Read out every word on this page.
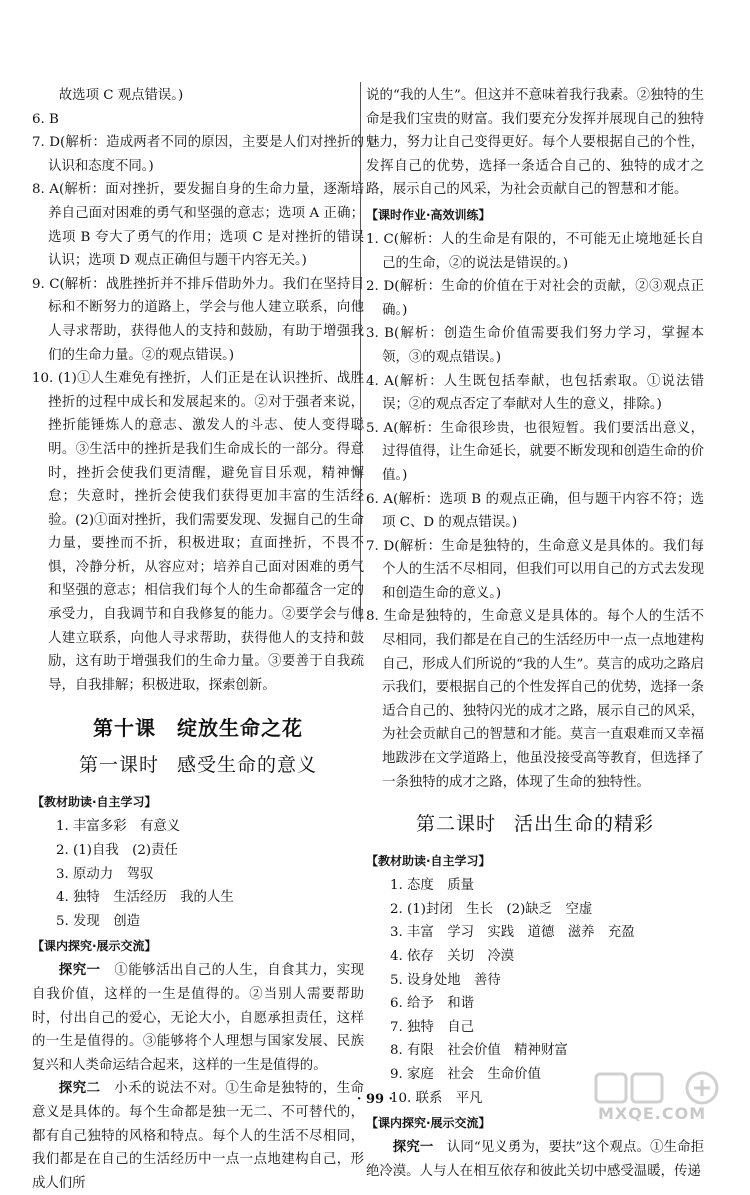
故选项 C 观点错误。)

6. B

7. D(解析：造成两者不同的原因，主要是人们对挫折的认识和态度不同。)

8. A(解析：面对挫折，要发掘自身的生命力量，逐渐培养自己面对困难的勇气和坚强的意志；选项 A 正确；选项 B 夸大了勇气的作用；选项 C 是对挫折的错误认识；选项 D 观点正确但与题干内容无关。)

9. C(解析：战胜挫折并不排斥借助外力。我们在坚持目标和不断努力的道路上，学会与他人建立联系，向他人寻求帮助，获得他人的支持和鼓励，有助于增强我们的生命力量。②的观点错误。)

10. (1)①人生难免有挫折，人们正是在认识挫折、战胜挫折的过程中成长和发展起来的。②对于强者来说，挫折能锤炼人的意志、激发人的斗志、使人变得聪明。③生活中的挫折是我们生命成长的一部分。得意时，挫折会使我们更清醒，避免盲目乐观，精神懈怠；失意时，挫折会使我们获得更加丰富的生活经验。(2)①面对挫折，我们需要发现、发掘自己的生命力量，要挫而不折，积极进取；直面挫折，不畏不惧，冷静分析，从容应对；培养自己面对困难的勇气和坚强的意志；相信我们每个人的生命都蕴含一定的承受力，自我调节和自我修复的能力。②要学会与他人建立联系，向他人寻求帮助，获得他人的支持和鼓励，这有助于增强我们的生命力量。③要善于自我疏导，自我排解；积极进取，探索创新。

第十课　绽放生命之花
第一课时 感受生命的意义
【教材助读·自主学习】

1. 丰富多彩　有意义

2. (1)自我　(2)责任

3. 原动力　驾驭

4. 独特　生活经历　我的人生

5. 发现　创造

【课内探究·展示交流】

探究一　 ①能够活出自己的人生，自食其力，实现自我价值，这样的一生是值得的。②当别人需要帮助时，付出自己的爱心，无论大小，自愿承担责任，这样的一生是值得的。③能够将个人理想与国家发展、民族复兴和人类命运结合起来，这样的一生是值得的。

探究二　 小禾的说法不对。①生命是独特的，生命意义是具体的。每个生命都是独一无二、不可替代的，都有自己独特的风格和特点。每个人的生活不尽相同，我们都是在自己的生活经历中一点一点地建构自己，形成人们所

说的“我的人生”。但这并不意味着我行我素。②独特的生命是我们宝贵的财富。我们要充分发挥并展现自己的独特魅力，努力让自己变得更好。每个人要根据自己的个性，发挥自己的优势，选择一条适合自己的、独特的成才之路，展示自己的风采，为社会贡献自己的智慧和才能。

【课时作业·高效训练】

1. C(解析：人的生命是有限的，不可能无止境地延长自己的生命，②的说法是错误的。)

2. D(解析：生命的价值在于对社会的贡献，②③观点正确。)

3. B(解析：创造生命价值需要我们努力学习，掌握本领，③的观点错误。)

4. A(解析：人生既包括奉献，也包括索取。①说法错误；②的观点否定了奉献对人生的意义，排除。)

5. A(解析：生命很珍贵，也很短暂。我们要活出意义，过得值得，让生命延长，就要不断发现和创造生命的价值。)

6. A(解析：选项 B 的观点正确，但与题干内容不符；选项 C、D 的观点错误。)

7. D(解析：生命是独特的，生命意义是具体的。我们每个人的生活不尽相同，但我们可以用自己的方式去发现和创造生命的意义。)

8. 生命是独特的，生命意义是具体的。每个人的生活不尽相同，我们都是在自己的生活经历中一点一点地建构自己，形成人们所说的“我的人生”。莫言的成功之路启示我们，要根据自己的个性发挥自己的优势，选择一条适合自己的、独特闪光的成才之路，展示自己的风采，为社会贡献自己的智慧和才能。莫言一直艰难而又幸福地跋涉在文学道路上，他虽没接受高等教育，但选择了一条独特的成才之路，体现了生命的独特性。

第二课时 活出生命的精彩
【教材助读·自主学习】

1. 态度　质量

2. (1)封闭　生长　(2)缺乏　空虚

3. 丰富　学习　实践　道德　滋养　充盈

4. 依存　关切　冷漠

5. 设身处地　善待

6. 给予　和谐

7. 独特　自己

8. 有限　社会价值　精神财富

9. 家庭　社会　生命价值

10. 联系　平凡

【课内探究·展示交流】

探究一　 认同“见义勇为，要扶”这个观点。①生命拒绝冷漠。人与人在相互依存和彼此关切中感受温暖，传递

· 99 ·
MXQE.COM
